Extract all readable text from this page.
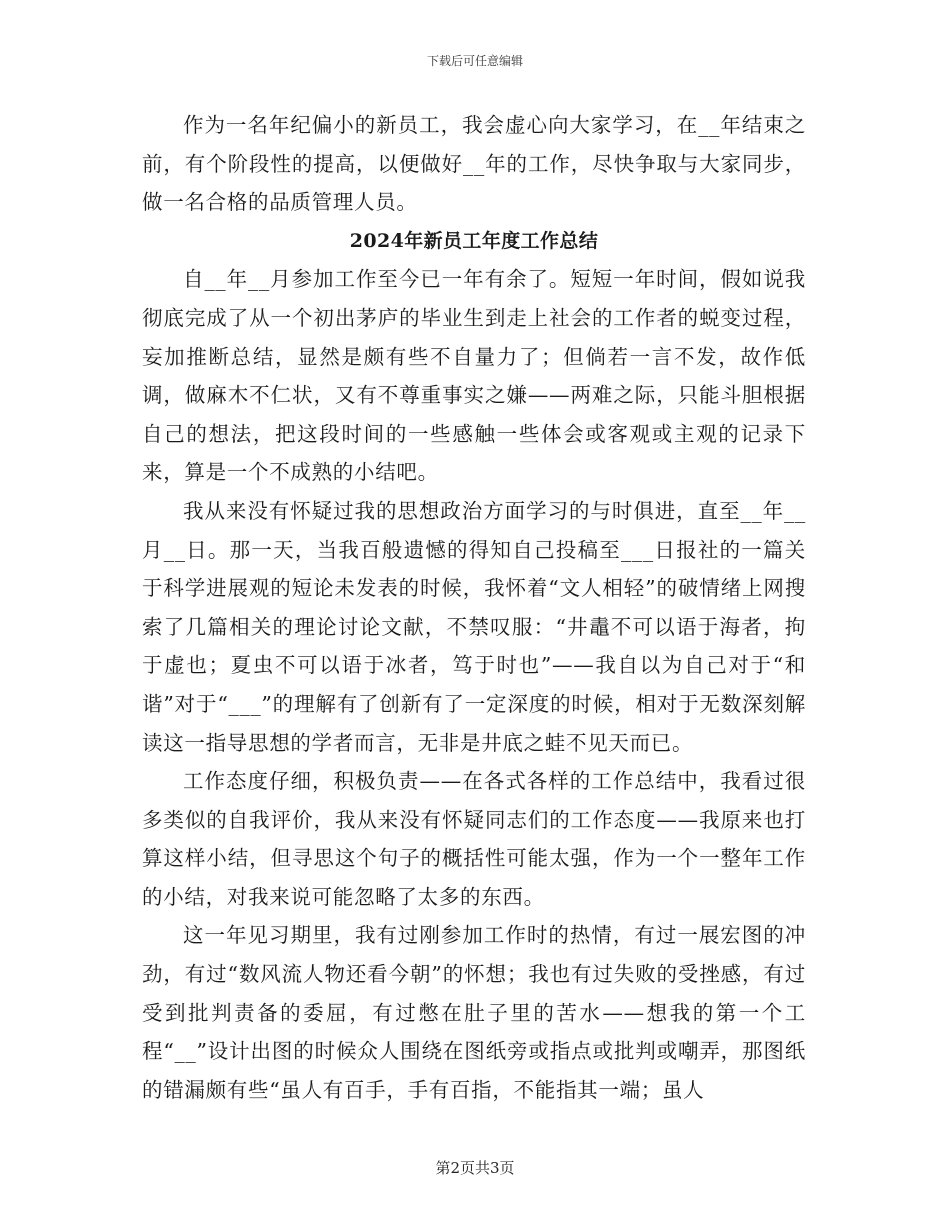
下载后可任意编辑

作为一名年纪偏小的新员工，我会虚心向大家学习，在__年结束之前，有个阶段性的提高，以便做好__年的工作，尽快争取与大家同步，做一名合格的品质管理人员。

2024年新员工年度工作总结

自__年__月参加工作至今已一年有余了。短短一年时间，假如说我彻底完成了从一个初出茅庐的毕业生到走上社会的工作者的蜕变过程，妄加推断总结，显然是颇有些不自量力了；但倘若一言不发，故作低调，做麻木不仁状，又有不尊重事实之嫌——两难之际，只能斗胆根据自己的想法，把这段时间的一些感触一些体会或客观或主观的记录下来，算是一个不成熟的小结吧。

我从来没有怀疑过我的思想政治方面学习的与时俱进，直至__年__月__日。那一天，当我百般遗憾的得知自己投稿至___日报社的一篇关于科学进展观的短论未发表的时候，我怀着“文人相轻”的破情绪上网搜索了几篇相关的理论讨论文献，不禁叹服：“井鼃不可以语于海者，拘于虚也；夏虫不可以语于冰者，笃于时也”——我自以为自己对于“和谐”对于“___”的理解有了创新有了一定深度的时候，相对于无数深刻解读这一指导思想的学者而言，无非是井底之蛙不见天而已。

工作态度仔细，积极负责——在各式各样的工作总结中，我看过很多类似的自我评价，我从来没有怀疑同志们的工作态度——我原来也打算这样小结，但寻思这个句子的概括性可能太强，作为一个一整年工作的小结，对我来说可能忽略了太多的东西。

这一年见习期里，我有过刚参加工作时的热情，有过一展宏图的冲劲，有过“数风流人物还看今朝”的怀想；我也有过失败的受挫感，有过受到批判责备的委屈，有过憋在肚子里的苦水——想我的第一个工程“__”设计出图的时候众人围绕在图纸旁或指点或批判或嘲弄，那图纸的错漏颇有些“虽人有百手，手有百指，不能指其一端；虽人

第2页共3页
